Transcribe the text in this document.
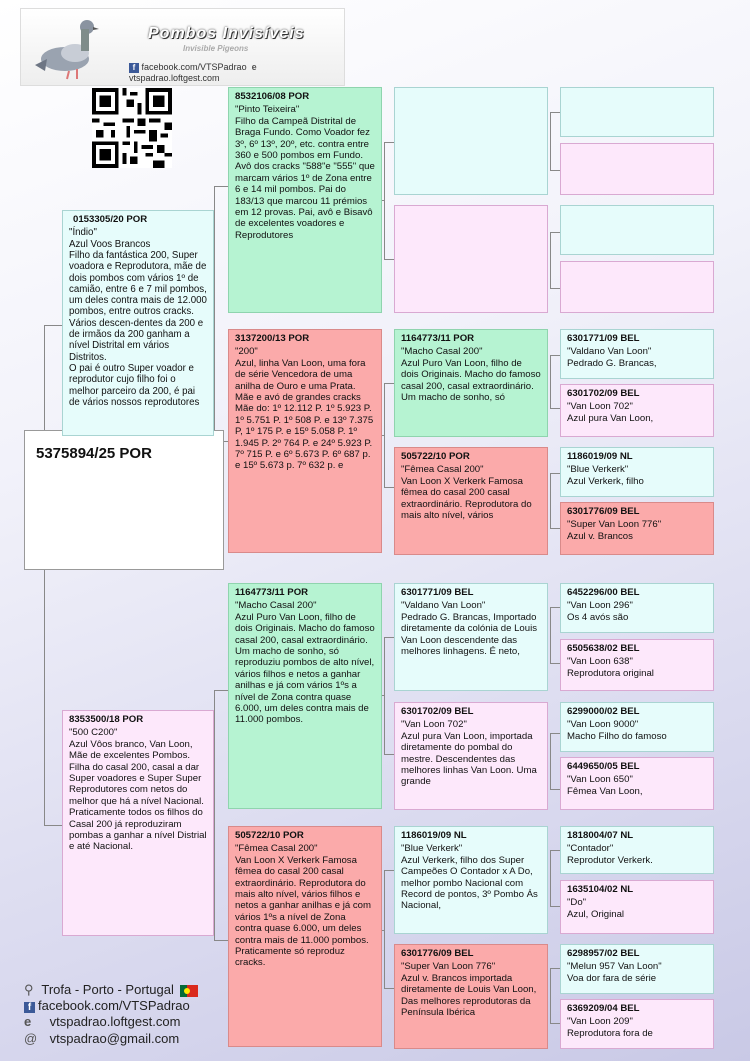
Pombos Invisíveis
Invisible Pigeons
f facebook.com/VTSPadrao  e vtspadrao.loftgest.com
5375894/25 POR
0153305/20 POR
"Índio"
Azul Voos Brancos
Filho da fantástica 200, Super voadora e Reprodutora, mãe de dois pombos com vários 1º de camião, entre 6 e 7 mil pombos, um deles contra mais de 12.000 pombos, entre outros cracks. Vários descen-dentes da 200 e de irmãos da 200 ganham a nível Distrital em vários Distritos.
O pai é outro Super voador e reprodutor cujo filho foi o melhor parceiro da 200, é pai de vários nossos reprodutores
8353500/18 POR
"500 C200"
Azul Vôos branco, Van Loon, Mãe de excelentes Pombos.
Filha do casal 200, casal a dar Super voadores e Super Super Reprodutores com netos do melhor que há a nível Nacional.
Praticamente todos os filhos do Casal 200 já reproduziram pombas a ganhar a nível Distrial e até Nacional.
8532106/08 POR
"Pinto Teixeira"
Filho da Campeã Distrital de Braga Fundo. Como Voador fez 3º, 6º 13º, 20º, etc. contra entre 360 e 500 pombos em Fundo. Avô dos cracks "588"e "555" que marcam vários 1º de Zona entre 6 e 14 mil pombos. Pai do 183/13 que marcou 11 prémios em 12 provas. Pai, avô e Bisavô de excelentes voadores e Reprodutores
3137200/13 POR
"200"
Azul, linha Van Loon, uma fora de série Vencedora de uma anilha de Ouro e uma Prata. Mãe e avó de grandes cracks Mãe do: 1º 12.112 P. 1º 5.923 P. 1º 5.751 P. 1º 508 P. e 13º 7.375 P, 1º 175 P. e 15º 5.058 P. 1º 1.945 P. 2º 764 P. e 24º 5.923 P. 7º 715 P. e 6º 5.673 P. 6º 687 p. e 15º 5.673 p. 7º 632 p. e
1164773/11 POR
"Macho Casal 200"
Azul Puro Van Loon, filho de dois Originais. Macho do famoso casal 200, casal extraordinário. Um macho de sonho, só reproduziu pombos de alto nível, vários filhos e netos a ganhar anilhas e já com vários 1ºs a nível de Zona contra quase 6.000, um deles contra mais de 11.000 pombos.
505722/10 POR
"Fêmea Casal 200"
Van Loon X Verkerk Famosa fêmea do casal 200 casal extraordinário. Reprodutora do mais alto nível, vários filhos e netos a ganhar anilhas e já com vários 1ºs a nível de Zona contra quase 6.000, um deles contra mais de 11.000 pombos. Praticamente só reproduz cracks.
1164773/11 POR
"Macho Casal 200"
Azul Puro Van Loon, filho de dois Originais. Macho do famoso casal 200, casal extraordinário. Um macho de sonho, só
505722/10 POR
"Fêmea Casal 200"
Van Loon X Verkerk Famosa fêmea do casal 200 casal extraordinário. Reprodutora do mais alto nível, vários
6301771/09 BEL
"Valdano Van Loon"
Pedrado G. Brancas, Importado diretamente da colónia de Louis Van Loon descendente das melhores linhagens. É neto,
6301702/09 BEL
"Van Loon 702"
Azul pura Van Loon, importada diretamente do pombal do mestre. Descendentes das melhores linhas Van Loon. Uma grande
1186019/09 NL
"Blue Verkerk"
Azul Verkerk, filho dos Super Campeões O Contador x A Do, melhor pombo Nacional com Record de pontos, 3º Pombo Ás Nacional,
6301776/09 BEL
"Super Van Loon 776"
Azul v. Brancos importada diretamente de Louis Van Loon, Das melhores reprodutoras da Península Ibérica
6301771/09 BEL
"Valdano Van Loon"
Pedrado G. Brancas,
6301702/09 BEL
"Van Loon 702"
Azul pura Van Loon,
1186019/09 NL
"Blue Verkerk"
Azul Verkerk, filho
6301776/09 BEL
"Super Van Loon 776"
Azul v. Brancos
6452296/00 BEL
"Van Loon 296"
Os 4 avós são
6505638/02 BEL
"Van Loon 638"
Reprodutora original
6299000/02 BEL
"Van Loon 9000"
Macho Filho do famoso
6449650/05 BEL
"Van Loon 650"
Fêmea Van Loon,
1818004/07 NL
"Contador"
Reprodutor Verkerk.
1635104/02 NL
"Do"
Azul, Original
6298957/02 BEL
"Melun 957 Van Loon"
Voa dor fara de série
6369209/04 BEL
"Van Loon 209"
Reprodutora fora de
⚲ Trofa - Porto - Portugal
f facebook.com/VTSPadrao
e vtspadrao.loftgest.com
@ vtspadrao@gmail.com
